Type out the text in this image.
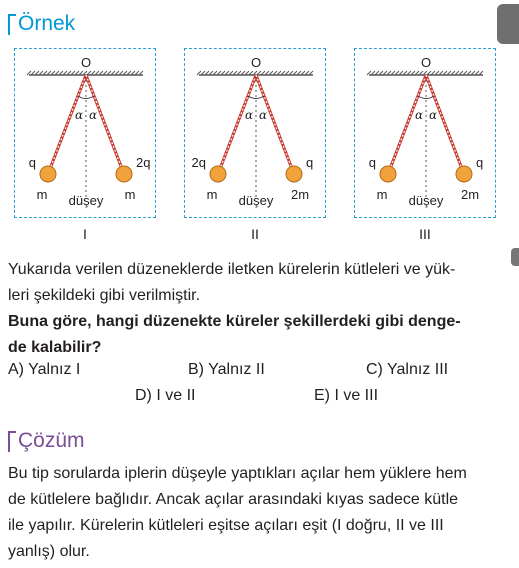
Örnek
O
α α
q	2q
m	m
düşey
O
α α
2q	q
m	2m
düşey
O
α α
q	q
m	2m
düşey
I	II	III
Yukarıda verilen düzeneklerde iletken kürelerin kütleleri ve yük-
leri şekildeki gibi verilmiştir.
Buna göre, hangi düzenekte küreler şekillerdeki gibi denge-
de kalabilir?
A) Yalnız I	B) Yalnız II	C) Yalnız III
D) I ve II	E) I ve III
Çözüm
Bu tip sorularda iplerin düşeyle yaptıkları açılar hem yüklere hem
de kütlelere bağlıdır. Ancak açılar arasındaki kıyas sadece kütle
ile yapılır. Kürelerin kütleleri eşitse açıları eşit (I doğru, II ve III
yanlış) olur.
